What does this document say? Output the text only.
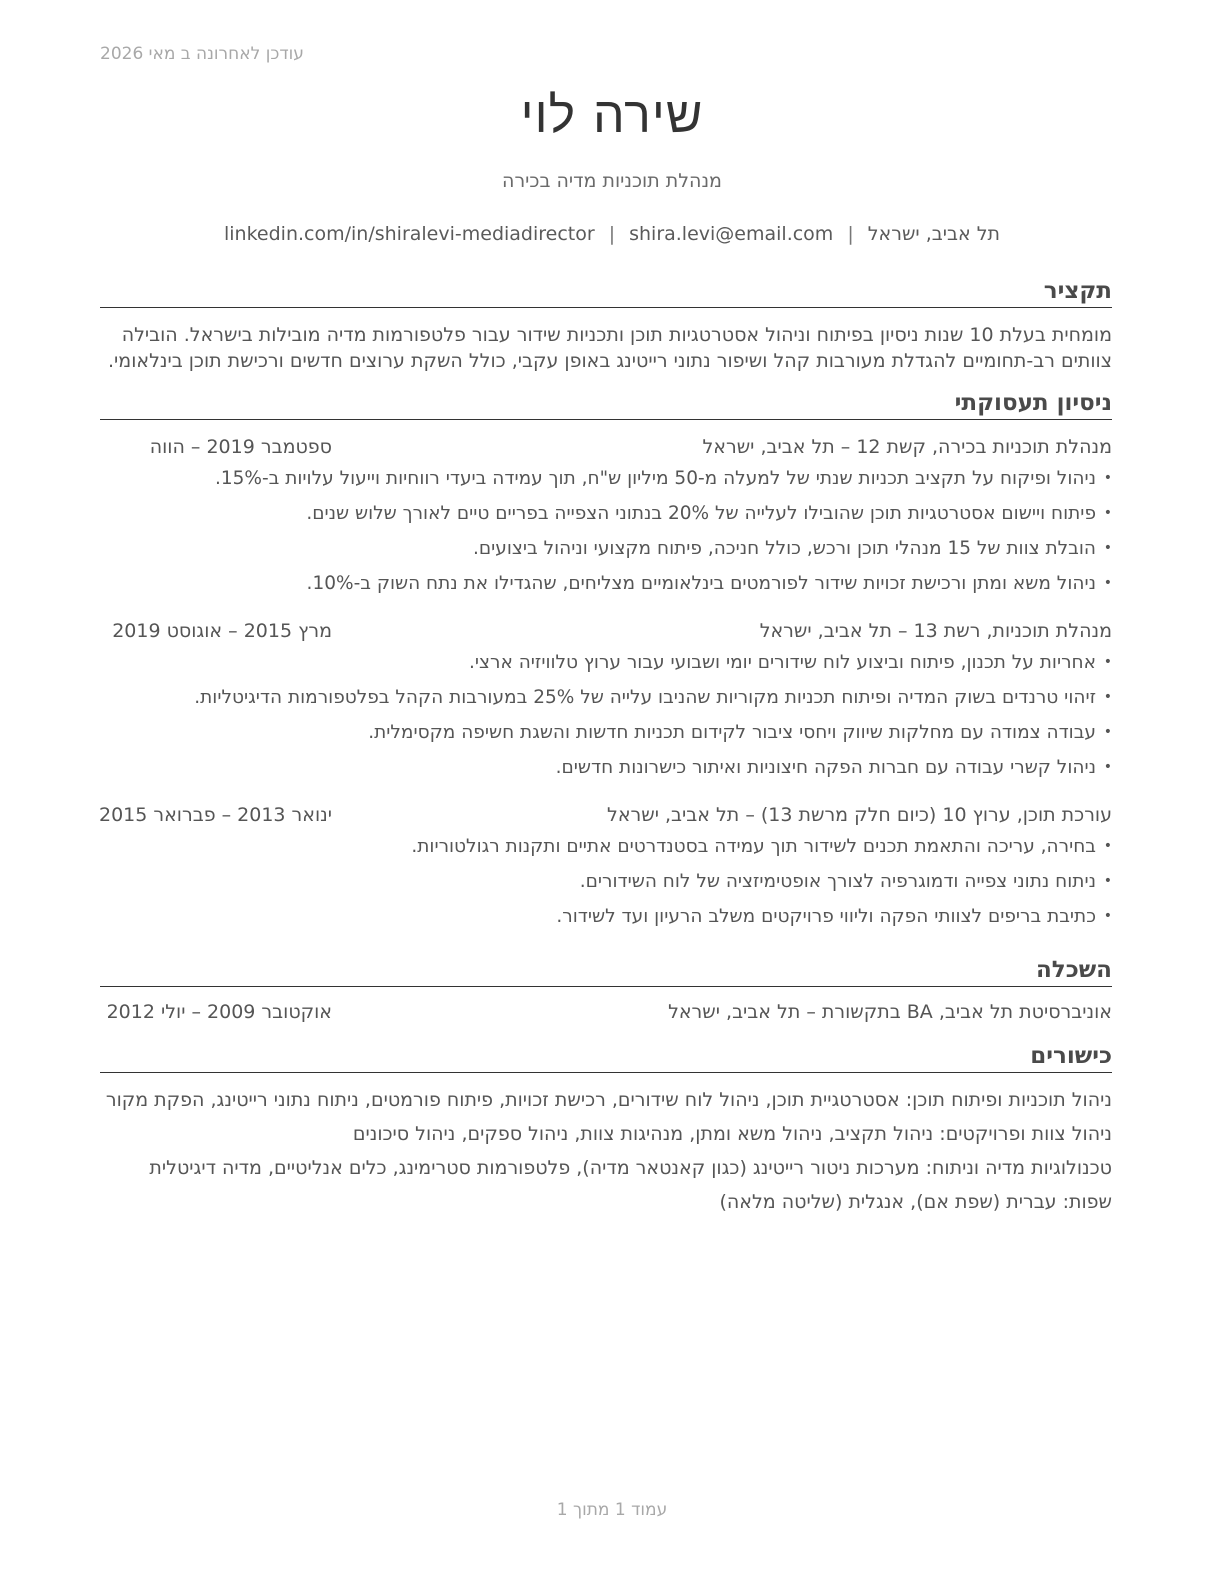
עודכן לאחרונה ב מאי 2026
שירה לוי
מנהלת תוכניות מדיה בכירה
linkedin.com/in/shiralevi-mediadirector | shira.levi@email.com | תל אביב, ישראל
תקציר
מומחית בעלת 10 שנות ניסיון בפיתוח וניהול אסטרטגיות תוכן ותכניות שידור עבור פלטפורמות מדיה מובילות בישראל. הובילה צוותים רב-תחומיים להגדלת מעורבות קהל ושיפור נתוני רייטינג באופן עקבי, כולל השקת ערוצים חדשים ורכישת תוכן בינלאומי.
ניסיון תעסוקתי
מנהלת תוכניות בכירה, קשת 12 – תל אביב, ישראל
ספטמבר 2019 – הווה
•
ניהול ופיקוח על תקציב תכניות שנתי של למעלה מ-50 מיליון ש"ח, תוך עמידה ביעדי רווחיות וייעול עלויות ב-15%.
•
פיתוח ויישום אסטרטגיות תוכן שהובילו לעלייה של 20% בנתוני הצפייה בפריים טיים לאורך שלוש שנים.
•
הובלת צוות של 15 מנהלי תוכן ורכש, כולל חניכה, פיתוח מקצועי וניהול ביצועים.
•
ניהול משא ומתן ורכישת זכויות שידור לפורמטים בינלאומיים מצליחים, שהגדילו את נתח השוק ב-10%.
מנהלת תוכניות, רשת 13 – תל אביב, ישראל
מרץ 2015 – אוגוסט 2019
•
אחריות על תכנון, פיתוח וביצוע לוח שידורים יומי ושבועי עבור ערוץ טלוויזיה ארצי.
•
זיהוי טרנדים בשוק המדיה ופיתוח תכניות מקוריות שהניבו עלייה של 25% במעורבות הקהל בפלטפורמות הדיגיטליות.
•
עבודה צמודה עם מחלקות שיווק ויחסי ציבור לקידום תכניות חדשות והשגת חשיפה מקסימלית.
•
ניהול קשרי עבודה עם חברות הפקה חיצוניות ואיתור כישרונות חדשים.
עורכת תוכן, ערוץ 10 (כיום חלק מרשת 13) – תל אביב, ישראל
ינואר 2013 – פברואר 2015
•
בחירה, עריכה והתאמת תכנים לשידור תוך עמידה בסטנדרטים אתיים ותקנות רגולטוריות.
•
ניתוח נתוני צפייה ודמוגרפיה לצורך אופטימיזציה של לוח השידורים.
•
כתיבת בריפים לצוותי הפקה וליווי פרויקטים משלב הרעיון ועד לשידור.
השכלה
אוניברסיטת תל אביב, BA בתקשורת – תל אביב, ישראל
אוקטובר 2009 – יולי 2012
כישורים
ניהול תוכניות ופיתוח תוכן: אסטרטגיית תוכן, ניהול לוח שידורים, רכישת זכויות, פיתוח פורמטים, ניתוח נתוני רייטינג, הפקת מקור
ניהול צוות ופרויקטים: ניהול תקציב, ניהול משא ומתן, מנהיגות צוות, ניהול ספקים, ניהול סיכונים
טכנולוגיות מדיה וניתוח: מערכות ניטור רייטינג (כגון קאנטאר מדיה), פלטפורמות סטרימינג, כלים אנליטיים, מדיה דיגיטלית
שפות: עברית (שפת אם), אנגלית (שליטה מלאה)
עמוד 1 מתוך 1
